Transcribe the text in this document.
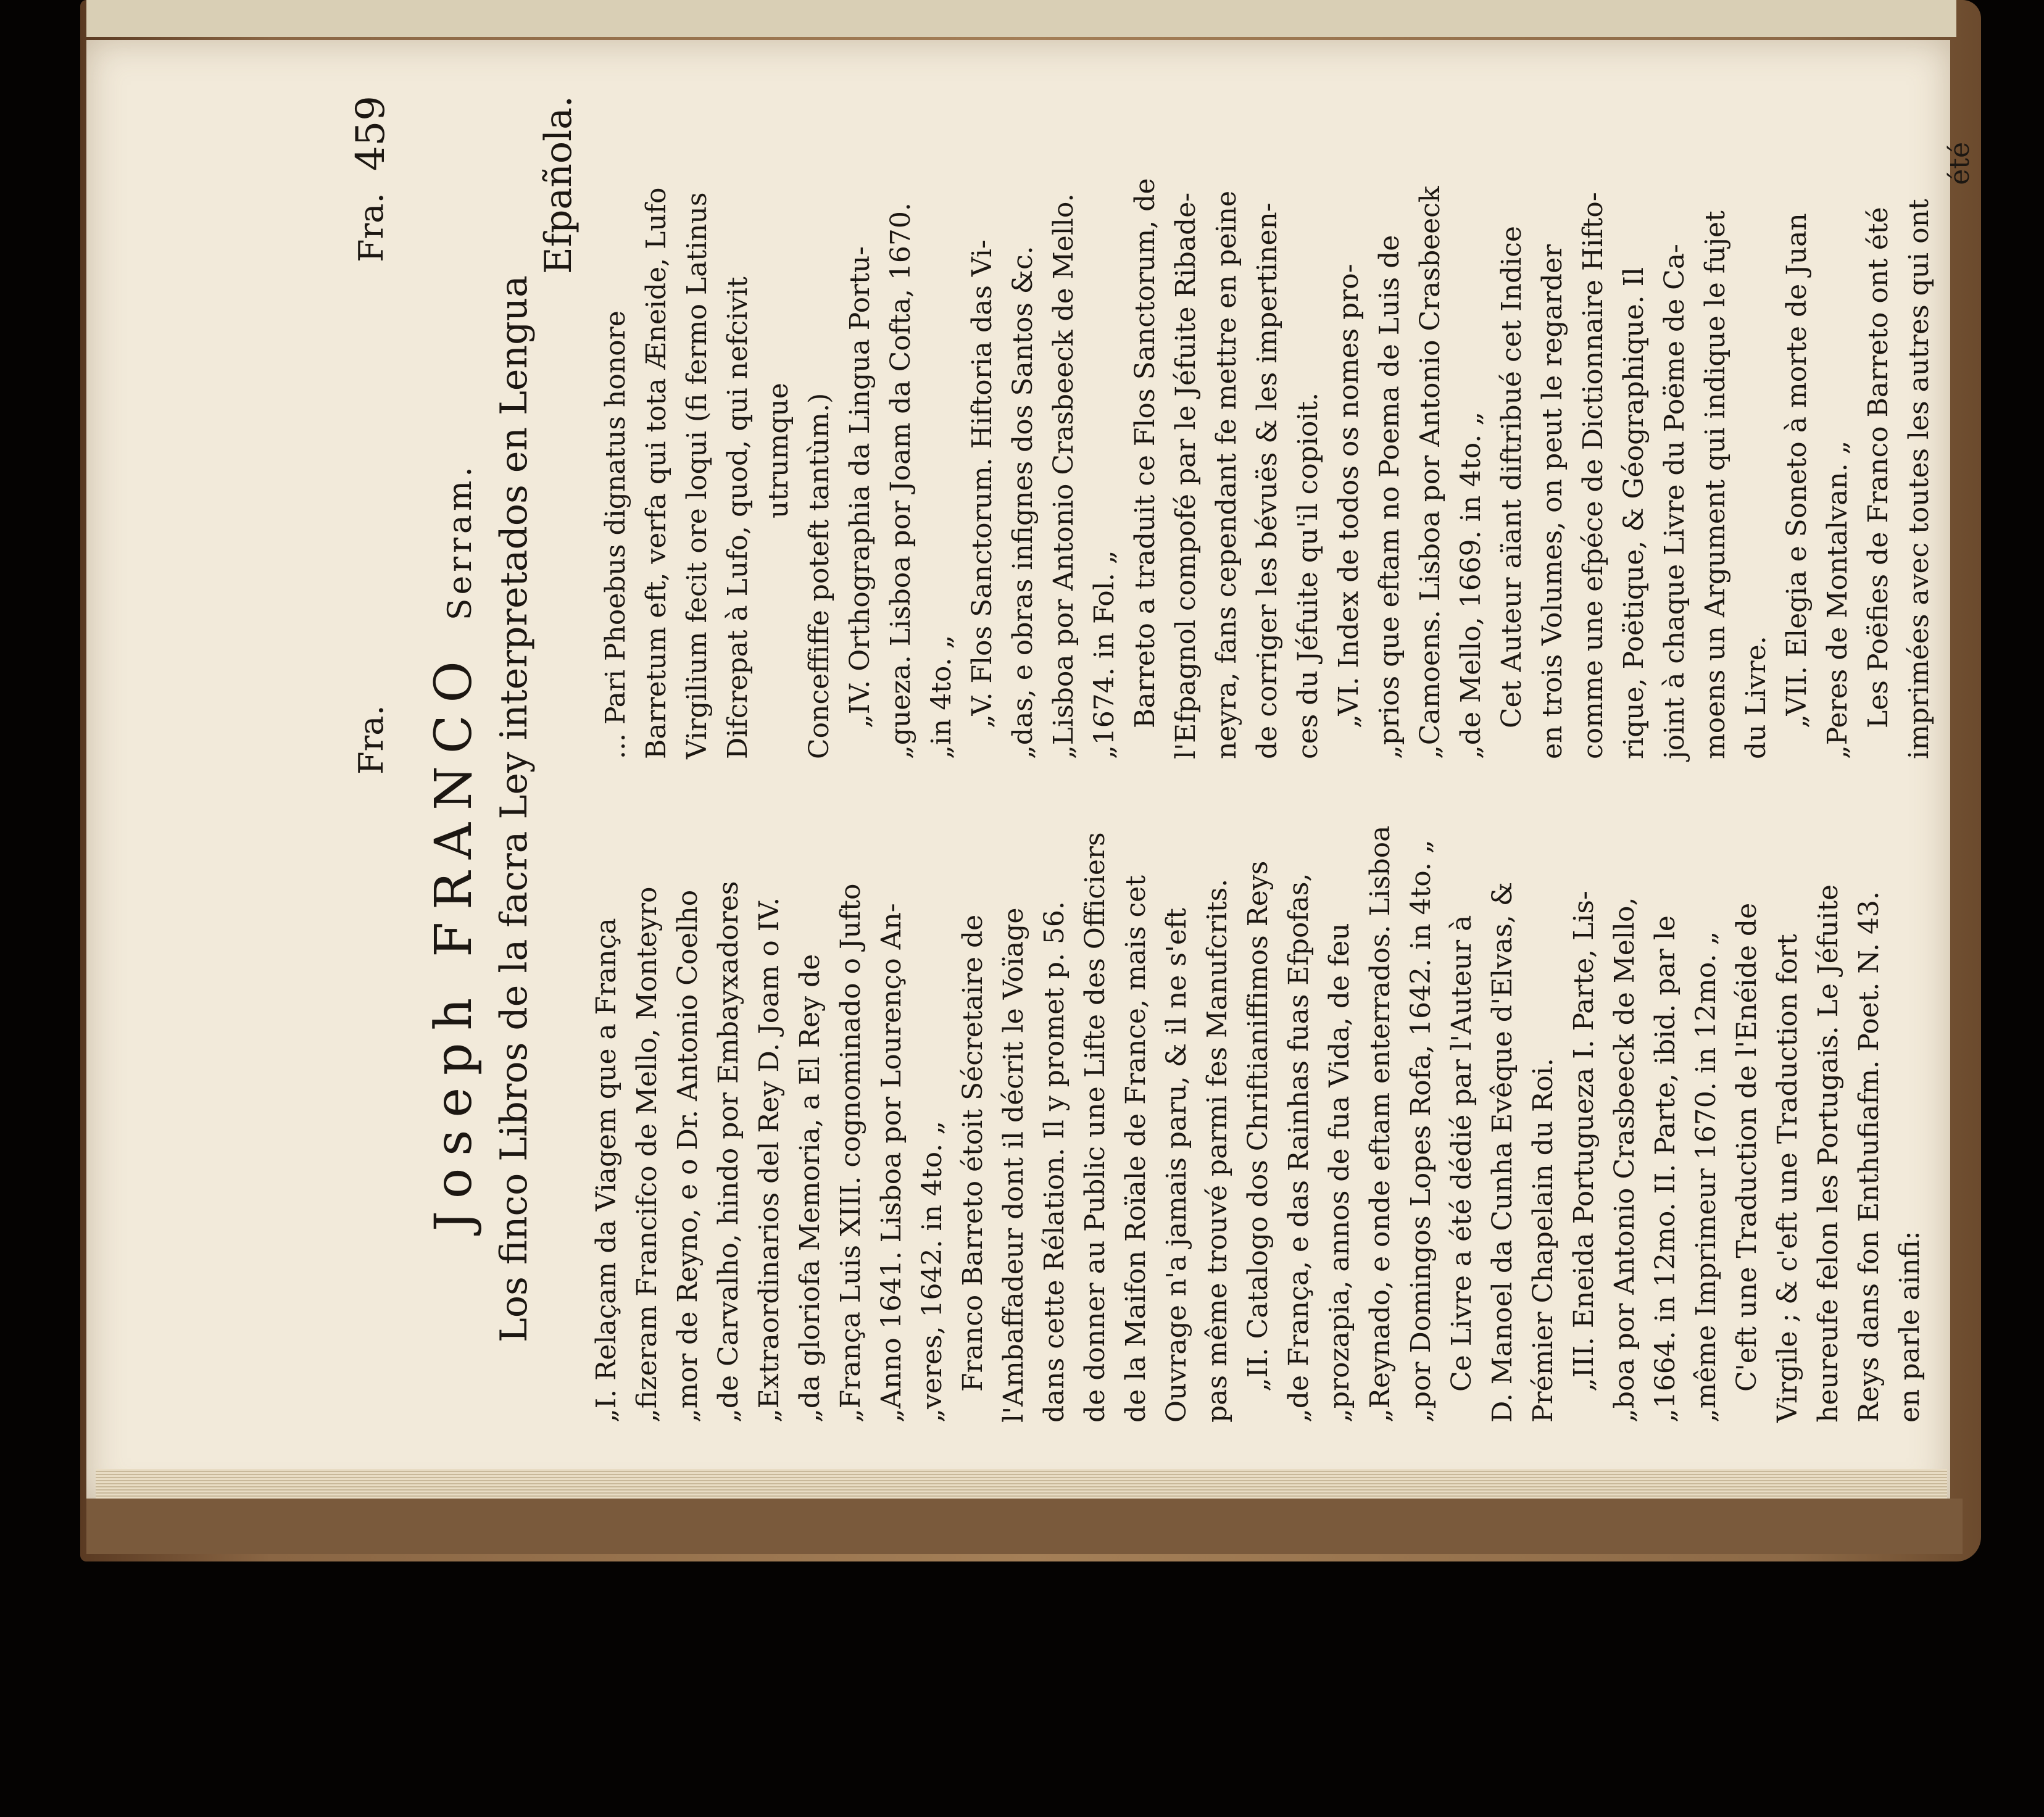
Fra.
Fra.
459
Joseph FRANCO Serram. Los finco Libros de la facra Ley interpretados en Lengua
Efpañola.

„I. Relaçam da Viagem que a França „fizeram Francifco de Mello, Monteyro „mor de Reyno, e o Dr. Antonio Coelho „de Carvalho, hindo por Embayxadores „Extraordinarios del Rey D. Joam o IV. „da gloriofa Memoria, a El Rey de „França Luis XIII. cognominado o Jufto „Anno 1641. Lisboa por Lourenço An- „veres, 1642. in 4to. „ Franco Barreto étoit Sécretaire de l'Ambaffadeur dont il décrit le Voïage dans cette Rélation. Il y promet p. 56. de donner au Public une Lifte des Officiers de la Maifon Roïale de France, mais cet Ouvrage n'a jamais paru, & il ne s'eft pas même trouvé parmi fes Manufcrits. „II. Catalogo dos Chriftianiffimos Reys „de França, e das Rainhas fuas Efpofas, „prozapia, annos de fua Vida, de feu „Reynado, e onde eftam enterrados. Lisboa „por Domingos Lopes Rofa, 1642. in 4to. „ Ce Livre a été dédié par l'Auteur à D. Manoel da Cunha Evêque d'Elvas, & Prémier Chapelain du Roi. „III. Eneida Portugueza I. Parte, Lis- „boa por Antonio Crasbeeck de Mello, „1664. in 12mo. II. Parte, ibid. par le „même Imprimeur 1670. in 12mo. „ C'eft une Traduction de l'Enéide de Virgile ; & c'eft une Traduction fort heureufe felon les Portugais. Le Jéfuite Reys dans fon Enthufiafm. Poet. N. 43. en parle ainfi:

... Pari Phoebus dignatus honore Barretum eft, verfa qui tota Æneide, Lufo Virgilium fecit ore loqui (fi fermo Latinus Difcrepat à Lufo, quod, qui nefcivit utrumque Conceffiffe poteft tantùm.) „IV. Orthographia da Lingua Portu- „gueza. Lisboa por Joam da Cofta, 1670. „in 4to. „ „V. Flos Sanctorum. Hiftoria das Vi- „das, e obras infignes dos Santos &c. „Lisboa por Antonio Crasbeeck de Mello. „1674. in Fol. „ Barreto a traduit ce Flos Sanctorum, de l'Efpagnol compofé par le Jéfuite Ribade- neyra, fans cependant fe mettre en peine de corriger les bévuës & les impertinen- ces du Jéfuite qu'il copioit. „VI. Index de todos os nomes pro- „prios que eftam no Poema de Luis de „Camoens. Lisboa por Antonio Crasbeeck „de Mello, 1669. in 4to. „ Cet Auteur aïant diftribué cet Indice en trois Volumes, on peut le regarder comme une efpéce de Dictionnaire Hifto- rique, Poëtique, & Géographique. Il joint à chaque Livre du Poëme de Ca- moens un Argument qui indique le fujet du Livre. „VII. Elegia e Soneto à morte de Juan „Peres de Montalvan. „ Les Poëfies de Franco Barreto ont été imprimées avec toutes les autres qui ont

été
